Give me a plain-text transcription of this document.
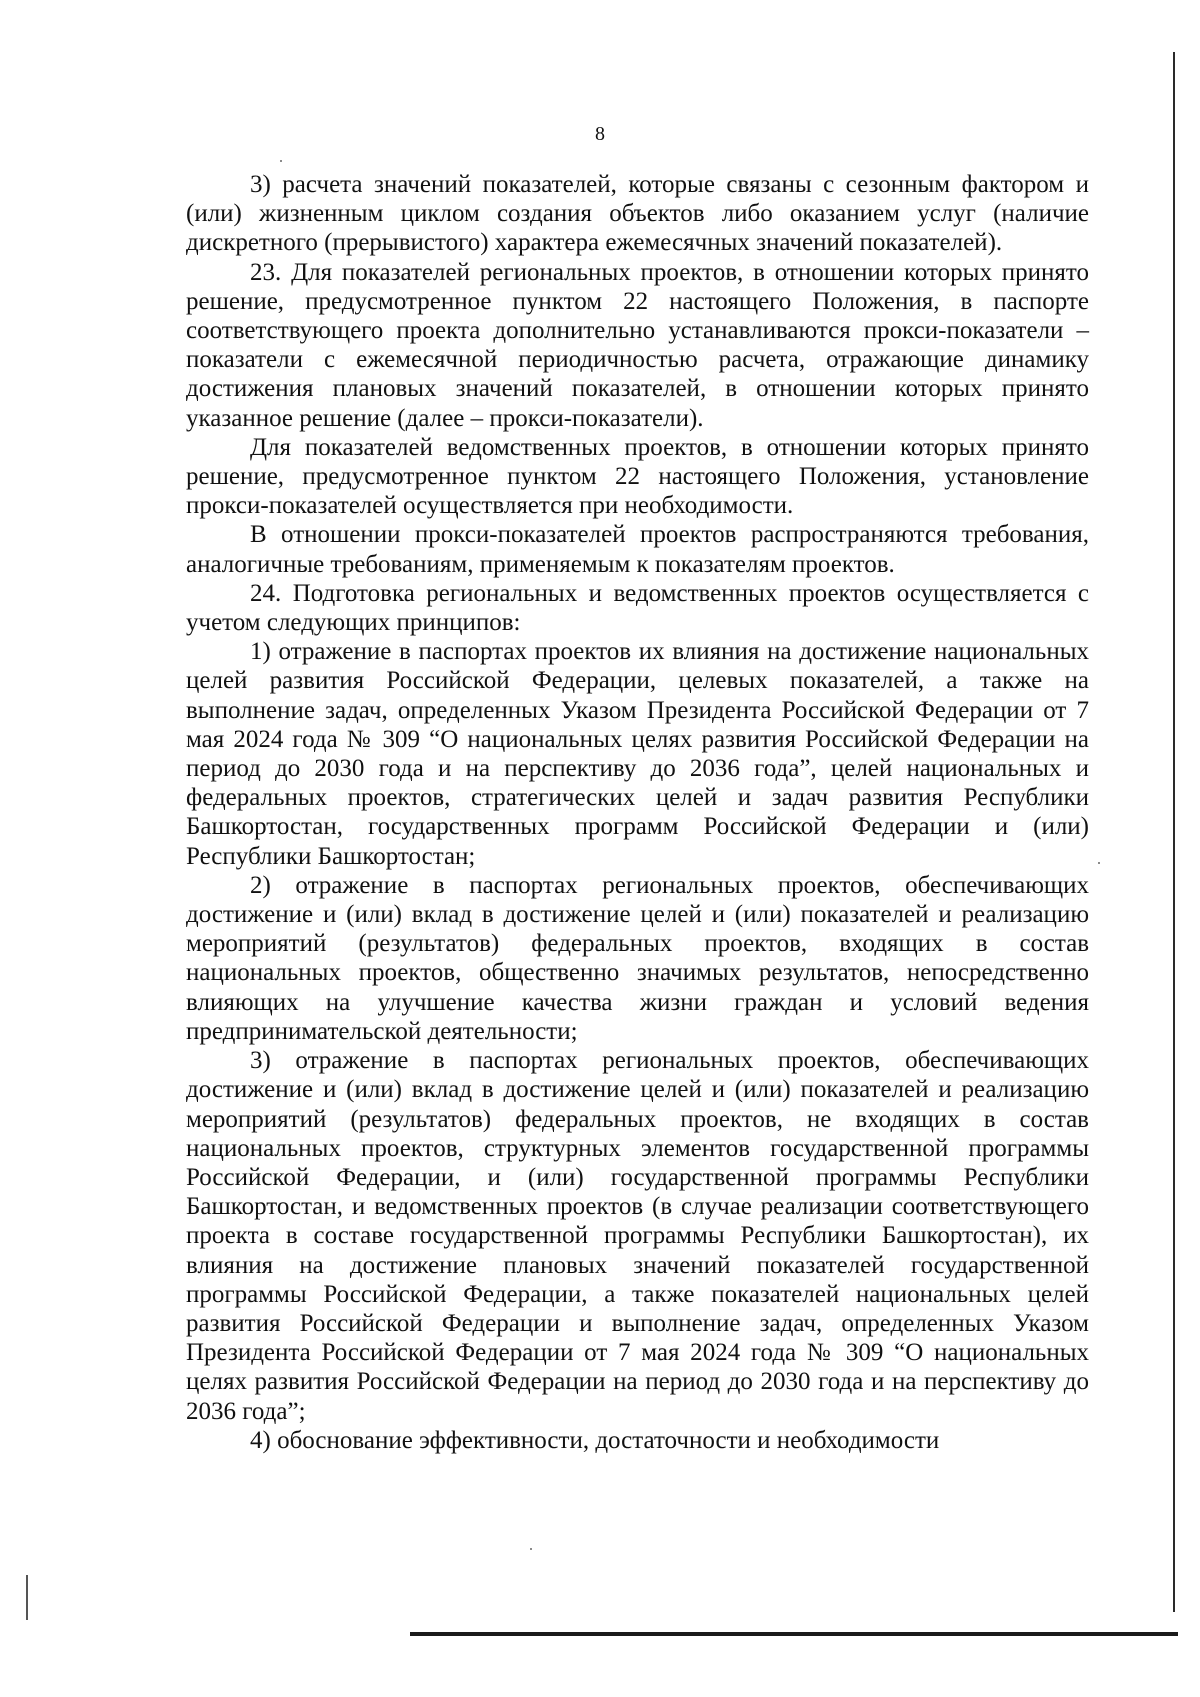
8

3) расчета значений показателей, которые связаны с сезонным фактором и (или) жизненным циклом создания объектов либо оказанием услуг (наличие дискретного (прерывистого) характера ежемесячных значений показателей).

23. Для показателей региональных проектов, в отношении которых принято решение, предусмотренное пунктом 22 настоящего Положения, в паспорте соответствующего проекта дополнительно устанавливаются прокси-показатели – показатели с ежемесячной периодичностью расчета, отражающие динамику достижения плановых значений показателей, в отношении которых принято указанное решение (далее – прокси-показатели).

Для показателей ведомственных проектов, в отношении которых принято решение, предусмотренное пунктом 22 настоящего Положения, установление прокси-показателей осуществляется при необходимости.

В отношении прокси-показателей проектов распространяются требования, аналогичные требованиям, применяемым к показателям проектов.

24. Подготовка региональных и ведомственных проектов осуществляется с учетом следующих принципов:

1) отражение в паспортах проектов их влияния на достижение национальных целей развития Российской Федерации, целевых показателей, а также на выполнение задач, определенных Указом Президента Российской Федерации от 7 мая 2024 года № 309 “О национальных целях развития Российской Федерации на период до 2030 года и на перспективу до 2036 года”, целей национальных и федеральных проектов, стратегических целей и задач развития Республики Башкортостан, государственных программ Российской Федерации и (или) Республики Башкортостан;

2) отражение в паспортах региональных проектов, обеспечивающих достижение и (или) вклад в достижение целей и (или) показателей и реализацию мероприятий (результатов) федеральных проектов, входящих в состав национальных проектов, общественно значимых результатов, непосредственно влияющих на улучшение качества жизни граждан и условий ведения предпринимательской деятельности;

3) отражение в паспортах региональных проектов, обеспечивающих достижение и (или) вклад в достижение целей и (или) показателей и реализацию мероприятий (результатов) федеральных проектов, не входящих в состав национальных проектов, структурных элементов государственной программы Российской Федерации, и (или) государственной программы Республики Башкортостан, и ведомственных проектов (в случае реализации соответствующего проекта в составе государственной программы Республики Башкортостан), их влияния на достижение плановых значений показателей государственной программы Российской Федерации, а также показателей национальных целей развития Российской Федерации и выполнение задач, определенных Указом Президента Российской Федерации от 7 мая 2024 года № 309 “О национальных целях развития Российской Федерации на период до 2030 года и на перспективу до 2036 года”;

4) обоснование эффективности, достаточности и необходимости
